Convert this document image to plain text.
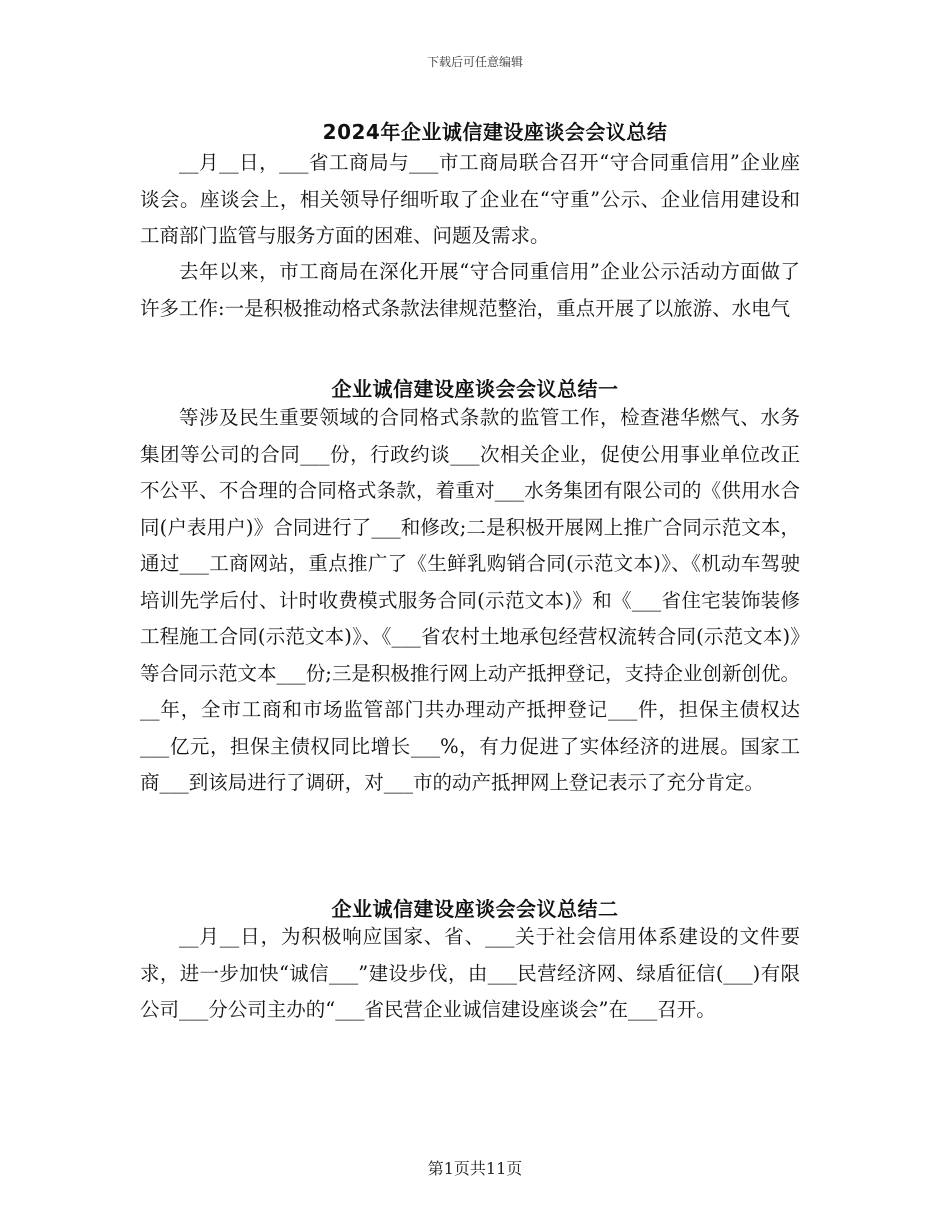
下载后可任意编辑
2024年企业诚信建设座谈会会议总结

__月__日，___省工商局与___市工商局联合召开“守合同重信用”企业座谈会。座谈会上，相关领导仔细听取了企业在“守重”公示、企业信用建设和工商部门监管与服务方面的困难、问题及需求。

去年以来，市工商局在深化开展“守合同重信用”企业公示活动方面做了许多工作:一是积极推动格式条款法律规范整治，重点开展了以旅游、水电气

企业诚信建设座谈会会议总结一

等涉及民生重要领域的合同格式条款的监管工作，检查港华燃气、水务集团等公司的合同___份，行政约谈___次相关企业，促使公用事业单位改正不公平、不合理的合同格式条款，着重对___水务集团有限公司的《供用水合同(户表用户)》合同进行了___和修改;二是积极开展网上推广合同示范文本，通过___工商网站，重点推广了《生鲜乳购销合同(示范文本)》、《机动车驾驶培训先学后付、计时收费模式服务合同(示范文本)》和《___省住宅装饰装修工程施工合同(示范文本)》、《___省农村土地承包经营权流转合同(示范文本)》等合同示范文本___份;三是积极推行网上动产抵押登记，支持企业创新创优。__年，全市工商和市场监管部门共办理动产抵押登记___件，担保主债权达___亿元，担保主债权同比增长___%，有力促进了实体经济的进展。国家工商___到该局进行了调研，对___市的动产抵押网上登记表示了充分肯定。

企业诚信建设座谈会会议总结二

__月__日，为积极响应国家、省、___关于社会信用体系建设的文件要求，进一步加快“诚信___”建设步伐，由___民营经济网、绿盾征信(___)有限公司___分公司主办的“___省民营企业诚信建设座谈会”在___召开。

第1页共11页
